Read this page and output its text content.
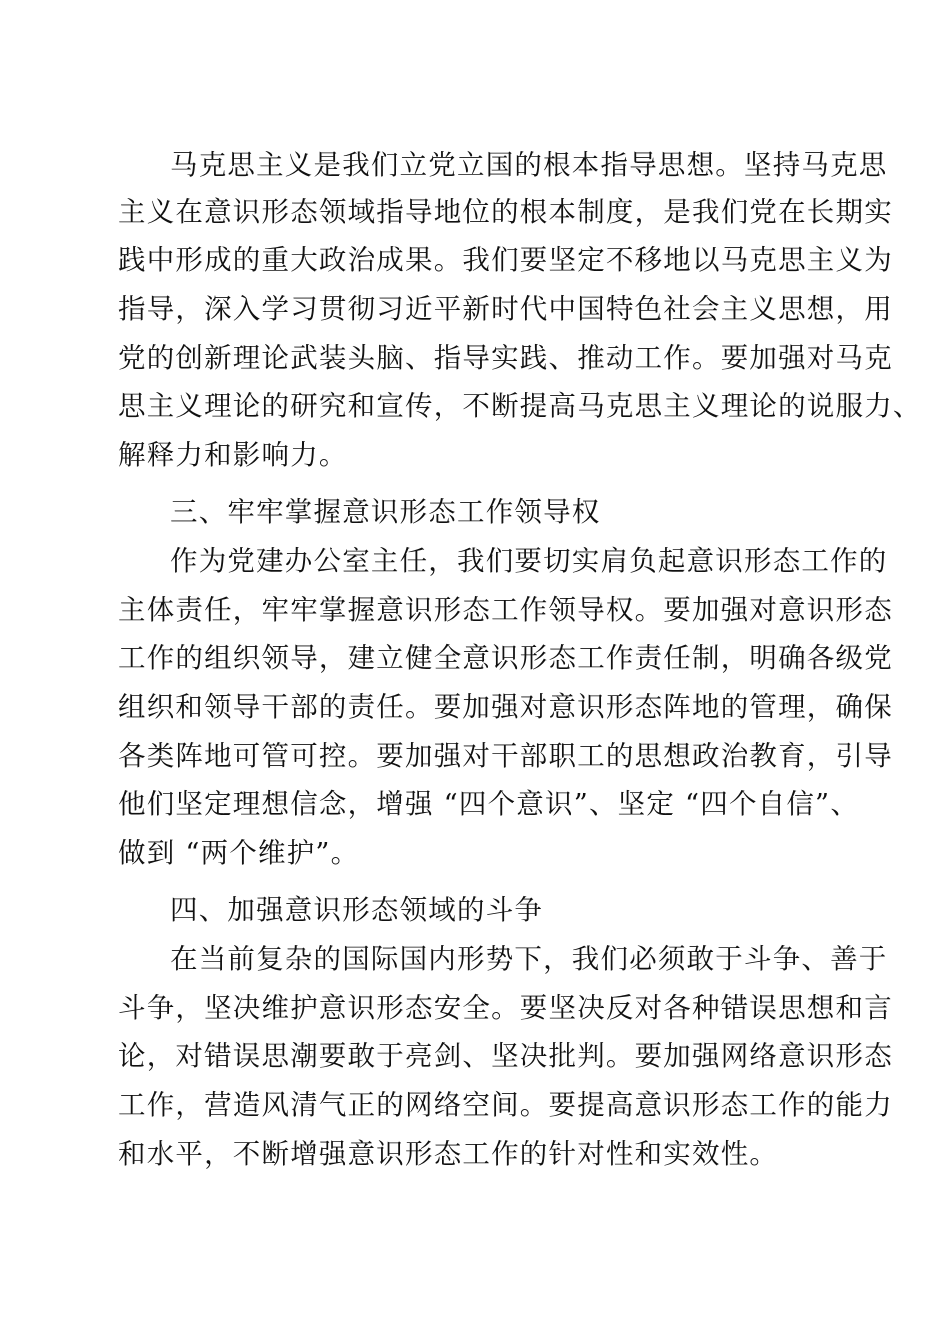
马克思主义是我们立党立国的根本指导思想。坚持马克思
主义在意识形态领域指导地位的根本制度，是我们党在长期实
践中形成的重大政治成果。我们要坚定不移地以马克思主义为
指导，深入学习贯彻习近平新时代中国特色社会主义思想，用
党的创新理论武装头脑、指导实践、推动工作。要加强对马克
思主义理论的研究和宣传，不断提高马克思主义理论的说服力、
解释力和影响力。
三、牢牢掌握意识形态工作领导权
作为党建办公室主任，我们要切实肩负起意识形态工作的
主体责任，牢牢掌握意识形态工作领导权。要加强对意识形态
工作的组织领导，建立健全意识形态工作责任制，明确各级党
组织和领导干部的责任。要加强对意识形态阵地的管理，确保
各类阵地可管可控。要加强对干部职工的思想政治教育，引导
他们坚定理想信念，增强 “四个意识”、坚定 “四个自信”、
做到 “两个维护”。
四、加强意识形态领域的斗争
在当前复杂的国际国内形势下，我们必须敢于斗争、善于
斗争，坚决维护意识形态安全。要坚决反对各种错误思想和言
论，对错误思潮要敢于亮剑、坚决批判。要加强网络意识形态
工作，营造风清气正的网络空间。要提高意识形态工作的能力
和水平，不断增强意识形态工作的针对性和实效性。
